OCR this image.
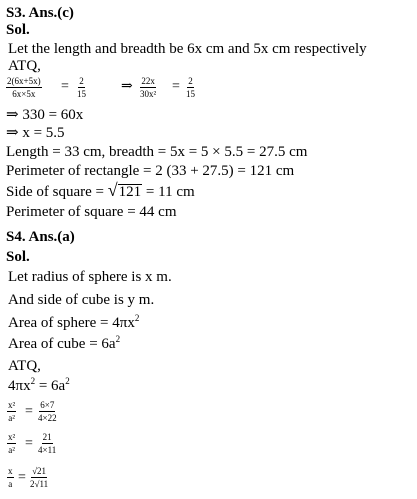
S3. Ans.(c)
Sol.
Let the length and breadth be 6x cm and 5x cm respectively
ATQ,
$\frac{2(6x+5x)}{6x\times 5x} = \frac{2}{15}$	⇒ $\frac{22x}{\text{30x²}} = \frac{2}{15}$
⇒ 330 = 60x
⇒ x = 5.5
Length = 33 cm, breadth = 5x = 5 × 5.5 = 27.5 cm
Perimeter of rectangle = 2 (33 + 27.5) = 121 cm
Side of square = √121 = 11 cm
Perimeter of square = 44 cm
S4. Ans.(a)
Sol.
Let radius of sphere is x m.
And side of cube is y m.
Area of sphere = $4\pi x^2$
Area of cube = $6a^2$
ATQ,
$4\pi x^2 = 6a^2$
$\frac{\text{x²}}{\text{a²}} = \frac{6\times 7}{4\times 22}$
$\frac{\text{x²}}{\text{a²}} = \frac{21}{4\times 11}$
$\frac{x}{a} = \frac{√21}{2√11}$
